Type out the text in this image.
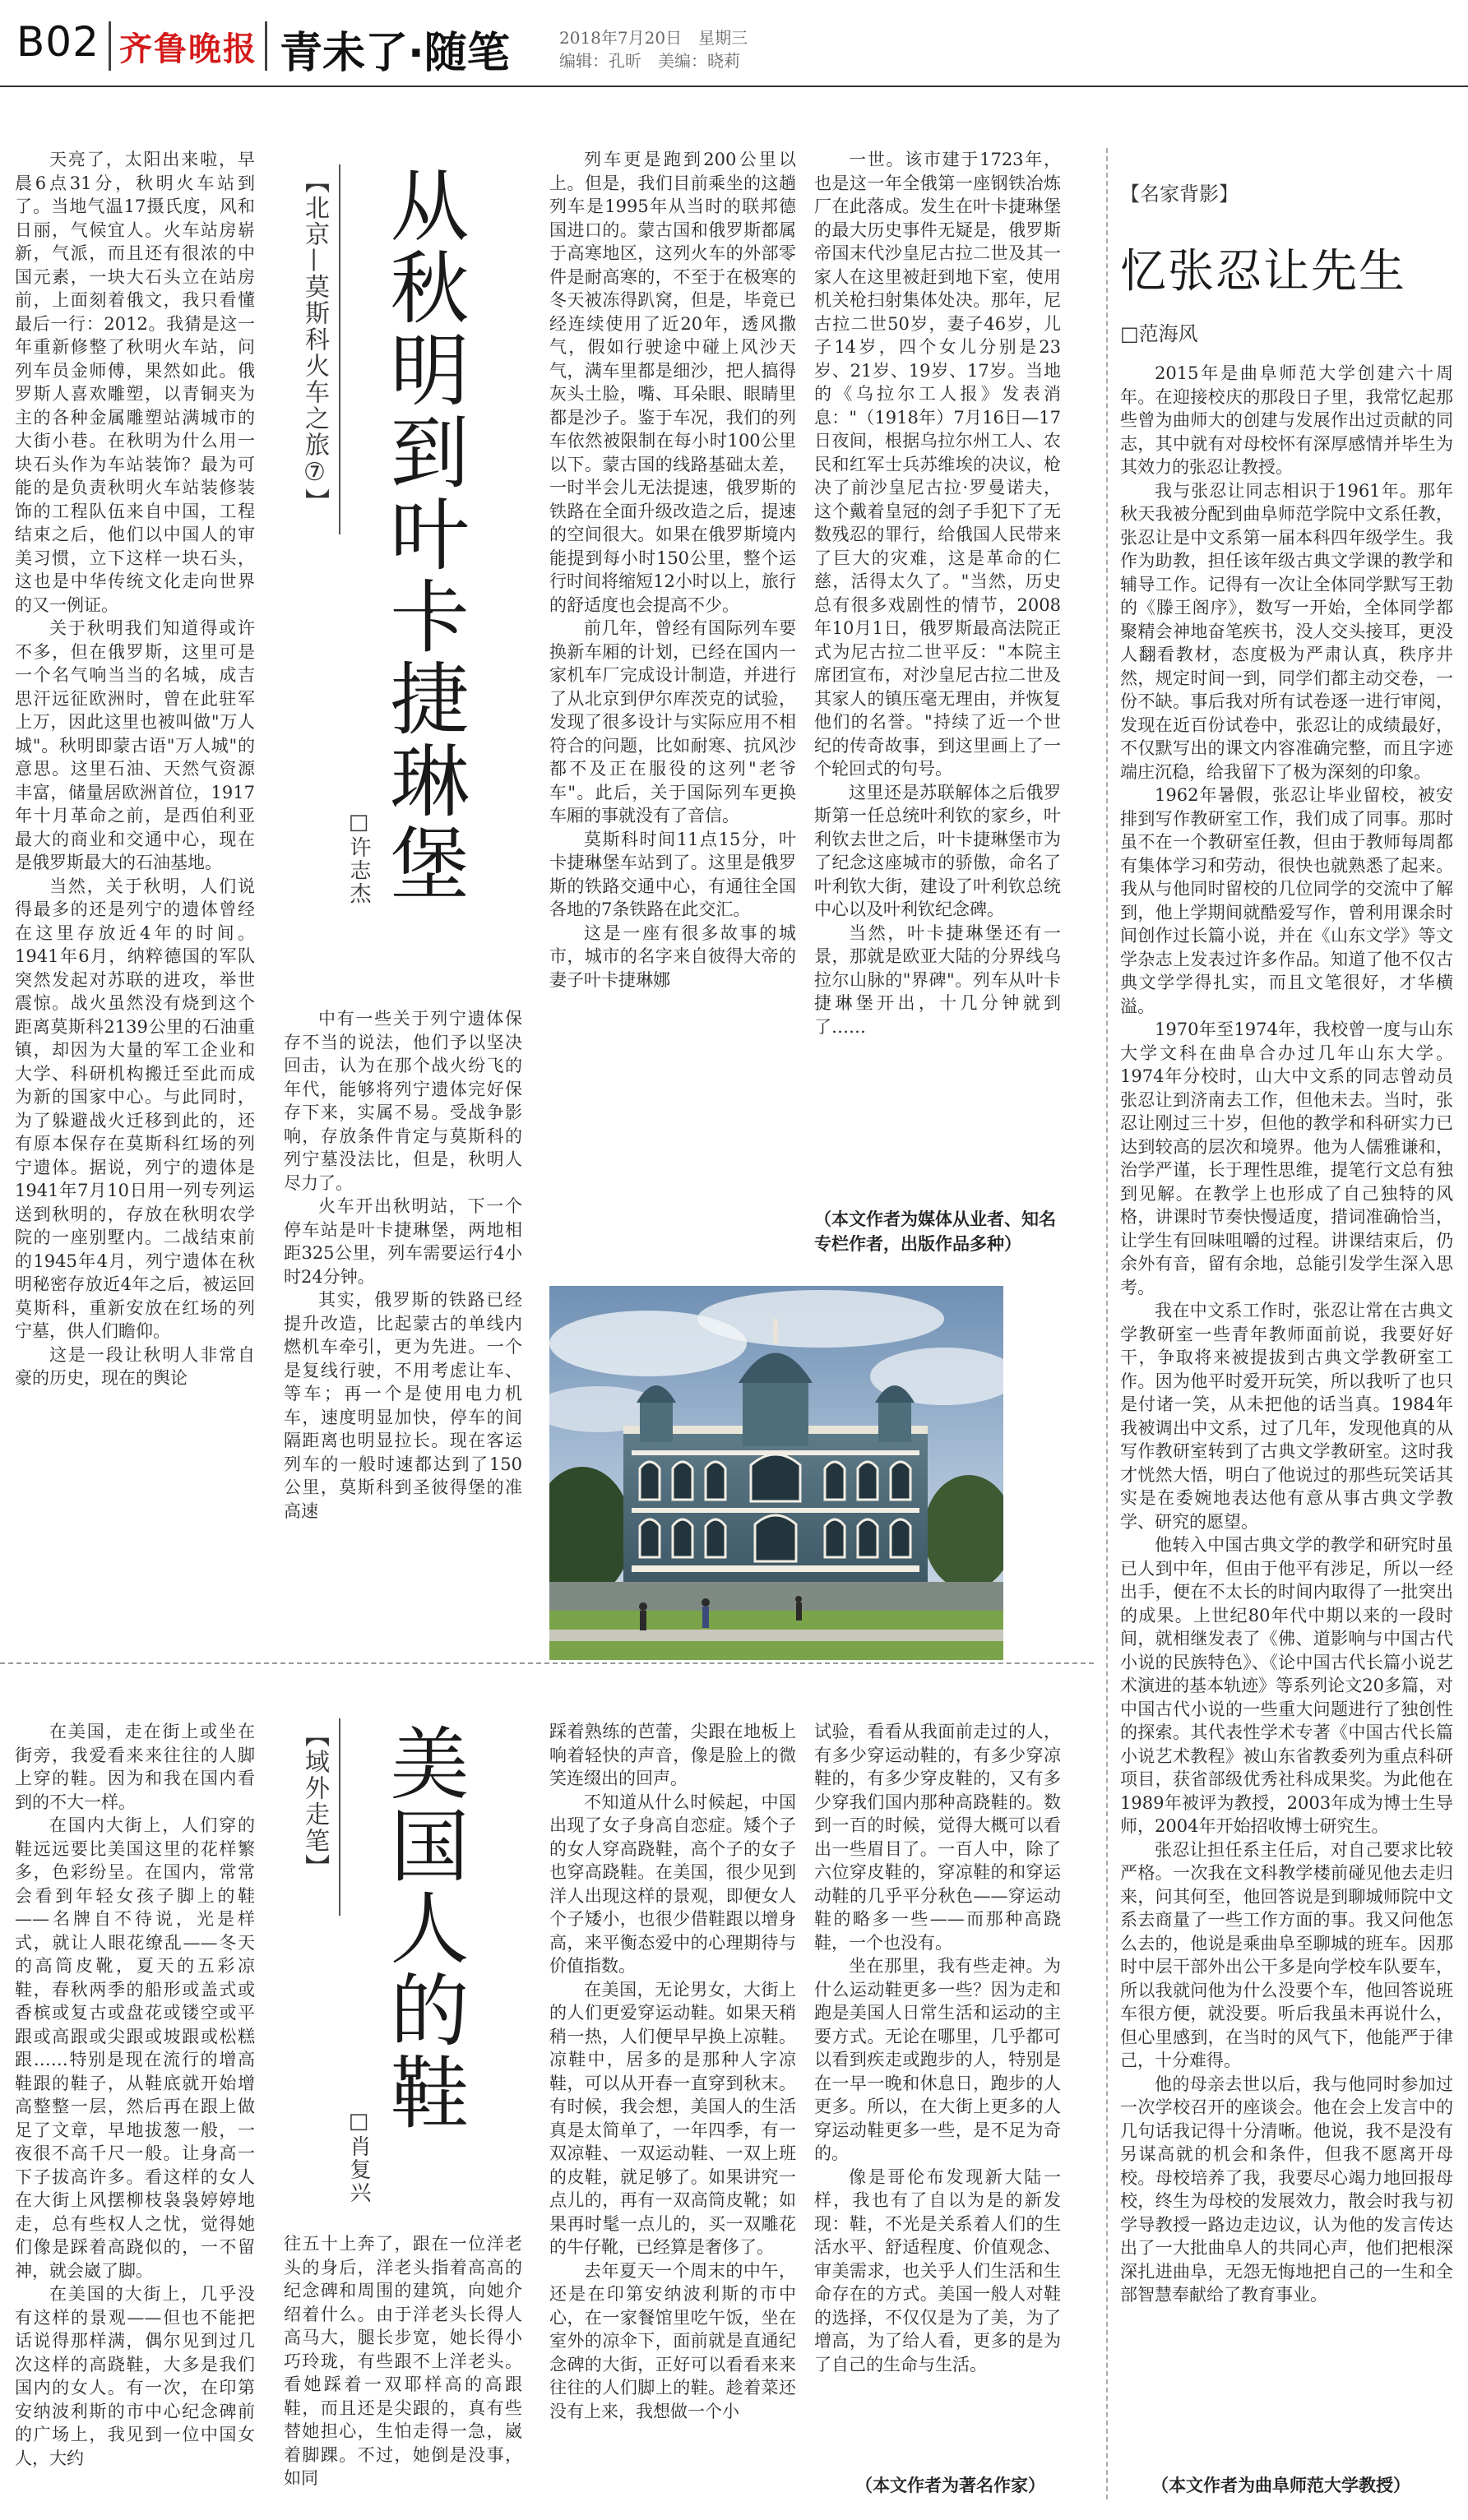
B02 齐鲁晚报 青未了·随笔	2018年7月20日　星期三
编辑：孔昕　美编：晓莉

天亮了，太阳出来啦，早晨6点31分，秋明火车站到了。当地气温17摄氏度，风和日丽，气候宜人。火车站房崭新，气派，而且还有很浓的中国元素，一块大石头立在站房前，上面刻着俄文，我只看懂最后一行：2012。我猜是这一年重新修整了秋明火车站，问列车员金师傅，果然如此。俄罗斯人喜欢雕塑，以青铜夹为主的各种金属雕塑站满城市的大街小巷。在秋明为什么用一块石头作为车站装饰？最为可能的是负责秋明火车站装修装饰的工程队伍来自中国，工程结束之后，他们以中国人的审美习惯，立下这样一块石头，这也是中华传统文化走向世界的又一例证。

关于秋明我们知道得或许不多，但在俄罗斯，这里可是一个名气响当当的名城，成吉思汗远征欧洲时，曾在此驻军上万，因此这里也被叫做"万人城"。秋明即蒙古语"万人城"的意思。这里石油、天然气资源丰富，储量居欧洲首位，1917年十月革命之前，是西伯利亚最大的商业和交通中心，现在是俄罗斯最大的石油基地。

当然，关于秋明，人们说得最多的还是列宁的遗体曾经在这里存放近4年的时间。1941年6月，纳粹德国的军队突然发起对苏联的进攻，举世震惊。战火虽然没有烧到这个距离莫斯科2139公里的石油重镇，却因为大量的军工企业和大学、科研机构搬迁至此而成为新的国家中心。与此同时，为了躲避战火迁移到此的，还有原本保存在莫斯科红场的列宁遗体。据说，列宁的遗体是1941年7月10日用一列专列运送到秋明的，存放在秋明农学院的一座别墅内。二战结束前的1945年4月，列宁遗体在秋明秘密存放近4年之后，被运回莫斯科，重新安放在红场的列宁墓，供人们瞻仰。

这是一段让秋明人非常自豪的历史，现在的舆论

【北京—莫斯科火车之旅⑦】 从秋明到叶卡捷琳堡
□许志杰

中有一些关于列宁遗体保存不当的说法，他们予以坚决回击，认为在那个战火纷飞的年代，能够将列宁遗体完好保存下来，实属不易。受战争影响，存放条件肯定与莫斯科的列宁墓没法比，但是，秋明人尽力了。

火车开出秋明站，下一个停车站是叶卡捷琳堡，两地相距325公里，列车需要运行4小时24分钟。

其实，俄罗斯的铁路已经提升改造，比起蒙古的单线内燃机车牵引，更为先进。一个是复线行驶，不用考虑让车、等车；再一个是使用电力机车，速度明显加快，停车的间隔距离也明显拉长。现在客运列车的一般时速都达到了150公里，莫斯科到圣彼得堡的准高速

列车更是跑到200公里以上。但是，我们目前乘坐的这趟列车是1995年从当时的联邦德国进口的。蒙古国和俄罗斯都属于高寒地区，这列火车的外部零件是耐高寒的，不至于在极寒的冬天被冻得趴窝，但是，毕竟已经连续使用了近20年，透风撒气，假如行驶途中碰上风沙天气，满车里都是细沙，把人搞得灰头土脸，嘴、耳朵眼、眼睛里都是沙子。鉴于车况，我们的列车依然被限制在每小时100公里以下。蒙古国的线路基础太差，一时半会儿无法提速，俄罗斯的铁路在全面升级改造之后，提速的空间很大。如果在俄罗斯境内能提到每小时150公里，整个运行时间将缩短12小时以上，旅行的舒适度也会提高不少。

前几年，曾经有国际列车要换新车厢的计划，已经在国内一家机车厂完成设计制造，并进行了从北京到伊尔库茨克的试验，发现了很多设计与实际应用不相符合的问题，比如耐寒、抗风沙都不及正在服役的这列"老爷车"。此后，关于国际列车更换车厢的事就没有了音信。

莫斯科时间11点15分，叶卡捷琳堡车站到了。这里是俄罗斯的铁路交通中心，有通往全国各地的7条铁路在此交汇。

这是一座有很多故事的城市，城市的名字来自彼得大帝的妻子叶卡捷琳娜

一世。该市建于1723年，也是这一年全俄第一座钢铁冶炼厂在此落成。发生在叶卡捷琳堡的最大历史事件无疑是，俄罗斯帝国末代沙皇尼古拉二世及其一家人在这里被赶到地下室，使用机关枪扫射集体处决。那年，尼古拉二世50岁，妻子46岁，儿子14岁，四个女儿分别是23岁、21岁、19岁、17岁。当地的《乌拉尔工人报》发表消息："（1918年）7月16日—17日夜间，根据乌拉尔州工人、农民和红军士兵苏维埃的决议，枪决了前沙皇尼古拉·罗曼诺夫，这个戴着皇冠的刽子手犯下了无数残忍的罪行，给俄国人民带来了巨大的灾难，这是革命的仁慈，活得太久了。"当然，历史总有很多戏剧性的情节，2008年10月1日，俄罗斯最高法院正式为尼古拉二世平反："本院主席团宣布，对沙皇尼古拉二世及其家人的镇压毫无理由，并恢复他们的名誉。"持续了近一个世纪的传奇故事，到这里画上了一个轮回式的句号。

这里还是苏联解体之后俄罗斯第一任总统叶利钦的家乡，叶利钦去世之后，叶卡捷琳堡市为了纪念这座城市的骄傲，命名了叶利钦大街，建设了叶利钦总统中心以及叶利钦纪念碑。

当然，叶卡捷琳堡还有一景，那就是欧亚大陆的分界线乌拉尔山脉的"界碑"。列车从叶卡捷琳堡开出，十几分钟就到了……

（本文作者为媒体从业者、知名专栏作者，出版作品多种）

在美国，走在街上或坐在街旁，我爱看来来往往的人脚上穿的鞋。因为和我在国内看到的不大一样。

在国内大街上，人们穿的鞋远远要比美国这里的花样繁多，色彩纷呈。在国内，常常会看到年轻女孩子脚上的鞋——名牌自不待说，光是样式，就让人眼花缭乱——冬天的高筒皮靴，夏天的五彩凉鞋，春秋两季的船形或盖式或香槟或复古或盘花或镂空或平跟或高跟或尖跟或坡跟或松糕跟……特别是现在流行的增高鞋跟的鞋子，从鞋底就开始增高整整一层，然后再在跟上做足了文章，早地拔葱一般，一夜很不高千尺一般。让身高一下子拔高许多。看这样的女人在大街上风摆柳枝袅袅婷婷地走，总有些权人之忧，觉得她们像是踩着高跷似的，一不留神，就会崴了脚。

在美国的大街上，几乎没有这样的景观——但也不能把话说得那样满，偶尔见到过几次这样的高跷鞋，大多是我们国内的女人。有一次，在印第安纳波利斯的市中心纪念碑前的广场上，我见到一位中国女人，大约

【域外走笔】 美国人的鞋
□肖复兴

往五十上奔了，跟在一位洋老头的身后，洋老头指着高高的纪念碑和周围的建筑，向她介绍着什么。由于洋老头长得人高马大，腿长步宽，她长得小巧玲珑，有些跟不上洋老头。看她踩着一双耶样高的高跟鞋，而且还是尖跟的，真有些替她担心，生怕走得一急，崴着脚踝。不过，她倒是没事，如同

踩着熟练的芭蕾，尖跟在地板上响着轻快的声音，像是脸上的微笑连缀出的回声。

不知道从什么时候起，中国出现了女子身高自恋症。矮个子的女人穿高跷鞋，高个子的女子也穿高跷鞋。在美国，很少见到洋人出现这样的景观，即便女人个子矮小，也很少借鞋跟以增身高，来平衡态爱中的心理期待与价值指数。

在美国，无论男女，大街上的人们更爱穿运动鞋。如果天稍稍一热，人们便早早换上凉鞋。凉鞋中，居多的是那种人字凉鞋，可以从开春一直穿到秋末。有时候，我会想，美国人的生活真是太简单了，一年四季，有一双凉鞋、一双运动鞋、一双上班的皮鞋，就足够了。如果讲究一点儿的，再有一双高筒皮靴；如果再时髦一点儿的，买一双雕花的牛仔靴，已经算是奢侈了。

去年夏天一个周末的中午，还是在印第安纳波利斯的市中心，在一家餐馆里吃午饭，坐在室外的凉伞下，面前就是直通纪念碑的大街，正好可以看看来来往往的人们脚上的鞋。趁着菜还没有上来，我想做一个小

试验，看看从我面前走过的人，有多少穿运动鞋的，有多少穿凉鞋的，有多少穿皮鞋的，又有多少穿我们国内那种高跷鞋的。数到一百的时候，觉得大概可以看出一些眉目了。一百人中，除了六位穿皮鞋的，穿凉鞋的和穿运动鞋的几乎平分秋色——穿运动鞋的略多一些——而那种高跷鞋，一个也没有。

坐在那里，我有些走神。为什么运动鞋更多一些？因为走和跑是美国人日常生活和运动的主要方式。无论在哪里，几乎都可以看到疾走或跑步的人，特别是在一早一晚和休息日，跑步的人更多。所以，在大街上更多的人穿运动鞋更多一些，是不足为奇的。

像是哥伦布发现新大陆一样，我也有了自以为是的新发现：鞋，不光是关系着人们的生活水平、舒适程度、价值观念、审美需求，也关乎人们生活和生命存在的方式。美国一般人对鞋的选择，不仅仅是为了美，为了增高，为了给人看，更多的是为了自己的生命与生活。

（本文作者为著名作家）
【名家背影】
忆张忍让先生
□范海风

2015年是曲阜师范大学创建六十周年。在迎接校庆的那段日子里，我常忆起那些曾为曲师大的创建与发展作出过贡献的同志，其中就有对母校怀有深厚感情并毕生为其效力的张忍让教授。

我与张忍让同志相识于1961年。那年秋天我被分配到曲阜师范学院中文系任教，张忍让是中文系第一届本科四年级学生。我作为助教，担任该年级古典文学课的教学和辅导工作。记得有一次让全体同学默写王勃的《滕王阁序》，数写一开始，全体同学都聚精会神地奋笔疾书，没人交头接耳，更没人翻看教材，态度极为严肃认真，秩序井然，规定时间一到，同学们都主动交卷，一份不缺。事后我对所有试卷逐一进行审阅，发现在近百份试卷中，张忍让的成绩最好，不仅默写出的课文内容准确完整，而且字迹端庄沉稳，给我留下了极为深刻的印象。

1962年暑假，张忍让毕业留校，被安排到写作教研室工作，我们成了同事。那时虽不在一个教研室任教，但由于教师每周都有集体学习和劳动，很快也就熟悉了起来。我从与他同时留校的几位同学的交流中了解到，他上学期间就酷爱写作，曾利用课余时间创作过长篇小说，并在《山东文学》等文学杂志上发表过许多作品。知道了他不仅古典文学学得扎实，而且文笔很好，才华横溢。

1970年至1974年，我校曾一度与山东大学文科在曲阜合办过几年山东大学。1974年分校时，山大中文系的同志曾动员张忍让到济南去工作，但他未去。当时，张忍让刚过三十岁，但他的教学和科研实力已达到较高的层次和境界。他为人儒雅谦和，治学严谨，长于理性思维，提笔行文总有独到见解。在教学上也形成了自己独特的风格，讲课时节奏快慢适度，措词准确恰当，让学生有回味咀嚼的过程。讲课结束后，仍余外有音，留有余地，总能引发学生深入思考。

我在中文系工作时，张忍让常在古典文学教研室一些青年教师面前说，我要好好干，争取将来被提拔到古典文学教研室工作。因为他平时爱开玩笑，所以我听了也只是付诸一笑，从未把他的话当真。1984年我被调出中文系，过了几年，发现他真的从写作教研室转到了古典文学教研室。这时我才恍然大悟，明白了他说过的那些玩笑话其实是在委婉地表达他有意从事古典文学教学、研究的愿望。

他转入中国古典文学的教学和研究时虽已人到中年，但由于他平有涉足，所以一经出手，便在不太长的时间内取得了一批突出的成果。上世纪80年代中期以来的一段时间，就相继发表了《佛、道影响与中国古代小说的民族特色》、《论中国古代长篇小说艺术演进的基本轨迹》等系列论文20多篇，对中国古代小说的一些重大问题进行了独创性的探索。其代表性学术专著《中国古代长篇小说艺术教程》被山东省教委列为重点科研项目，获省部级优秀社科成果奖。为此他在1989年被评为教授，2003年成为博士生导师，2004年开始招收博士研究生。

张忍让担任系主任后，对自己要求比较严格。一次我在文科教学楼前碰见他去走归来，问其何至，他回答说是到聊城师院中文系去商量了一些工作方面的事。我又问他怎么去的，他说是乘曲阜至聊城的班车。因那时中层干部外出公干多是向学校车队要车，所以我就问他为什么没要个车，他回答说班车很方便，就没要。听后我虽未再说什么，但心里感到，在当时的风气下，他能严于律己，十分难得。

他的母亲去世以后，我与他同时参加过一次学校召开的座谈会。他在会上发言中的几句话我记得十分清晰。他说，我不是没有另谋高就的机会和条件，但我不愿离开母校。母校培养了我，我要尽心竭力地回报母校，终生为母校的发展效力，散会时我与初学导教授一路边走边议，认为他的发言传达出了一大批曲阜人的共同心声，他们把根深深扎进曲阜，无怨无悔地把自己的一生和全部智慧奉献给了教育事业。

（本文作者为曲阜师范大学教授）
